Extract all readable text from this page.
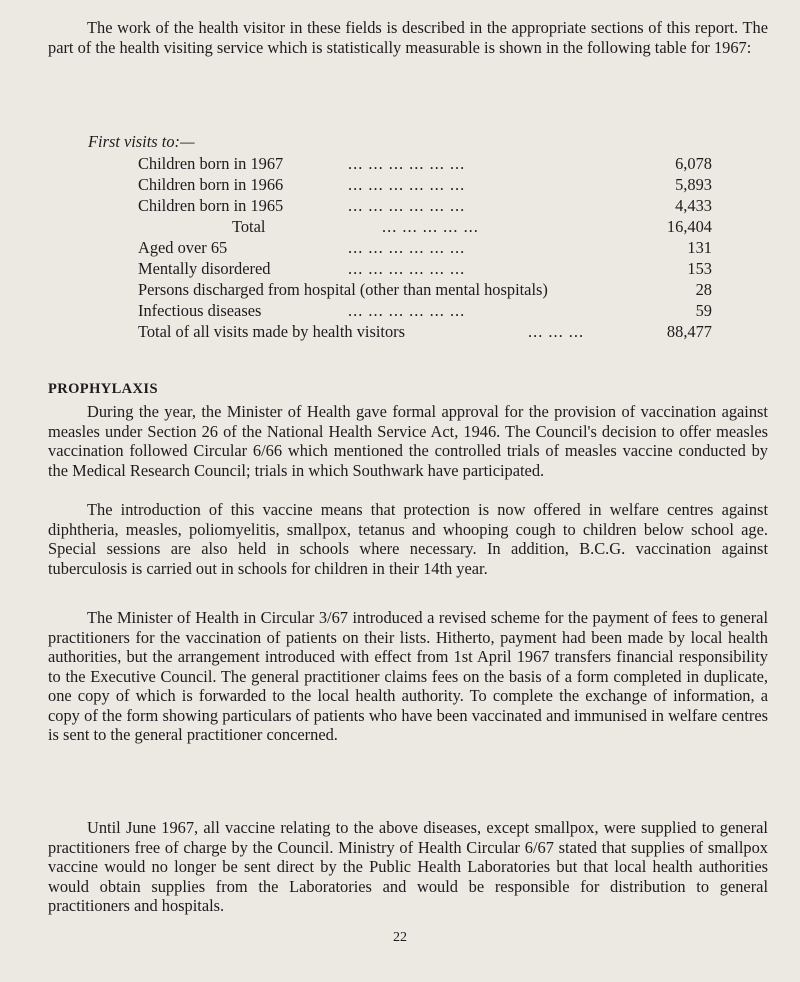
The work of the health visitor in these fields is described in the appropriate sections of this report. The part of the health visiting service which is statistically measurable is shown in the following table for 1967:

First visits to:—
Children born in 1967	... ... ... ... ... ...	6,078
Children born in 1966	... ... ... ... ... ...	5,893
Children born in 1965	... ... ... ... ... ...	4,433
Total	... ... ... ... ...	16,404
Aged over 65	... ... ... ... ... ...	131
Mentally disordered	... ... ... ... ... ...	153
Persons discharged from hospital (other than mental hospitals)	28
Infectious diseases	... ... ... ... ... ...	59
Total of all visits made by health visitors	... ... ...	88,477
PROPHYLAXIS

During the year, the Minister of Health gave formal approval for the provision of vaccination against measles under Section 26 of the National Health Service Act, 1946. The Council's decision to offer measles vaccination followed Circular 6/66 which mentioned the controlled trials of measles vaccine conducted by the Medical Research Council; trials in which Southwark have participated.

The introduction of this vaccine means that protection is now offered in welfare centres against diphtheria, measles, poliomyelitis, smallpox, tetanus and whooping cough to children below school age. Special sessions are also held in schools where necessary. In addition, B.C.G. vaccination against tuberculosis is carried out in schools for children in their 14th year.

The Minister of Health in Circular 3/67 introduced a revised scheme for the payment of fees to general practitioners for the vaccination of patients on their lists. Hitherto, payment had been made by local health authorities, but the arrangement introduced with effect from 1st April 1967 transfers financial responsibility to the Executive Council. The general practitioner claims fees on the basis of a form completed in duplicate, one copy of which is forwarded to the local health authority. To complete the exchange of information, a copy of the form showing particulars of patients who have been vaccinated and immunised in welfare centres is sent to the general practitioner concerned.

Until June 1967, all vaccine relating to the above diseases, except smallpox, were supplied to general practitioners free of charge by the Council. Ministry of Health Circular 6/67 stated that supplies of smallpox vaccine would no longer be sent direct by the Public Health Laboratories but that local health authorities would obtain supplies from the Laboratories and would be responsible for distribution to general practitioners and hospitals.

22
